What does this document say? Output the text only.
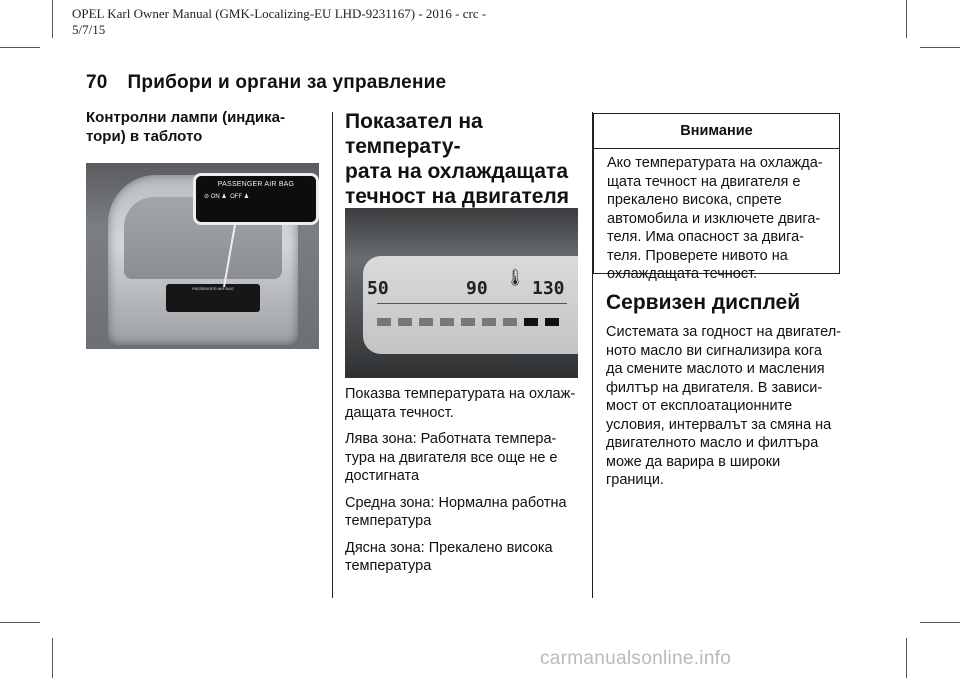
OPEL Karl Owner Manual (GMK-Localizing-EU LHD-9231167) - 2016 - crc -
5/7/15
70 Прибори и органи за управление

Контролни лампи (индика-
тори) в таблото

PASSENGER AIR BAG
PASSENGER AIR BAG
⊘ ON ♟ OFF ♟

Показател на температу-
рата на охлаждащата
течност на двигателя

50	90 130
🌡

Показва температурата на охлаж-
дащата течност.

Лява зона: Работната темпера-
тура на двигателя все още не е
достигната

Средна зона: Нормална работна
температура

Дясна зона: Прекалено висока
температура

Внимание
Ако температурата на охлажда-
щата течност на двигателя е
прекалено висока, спрете
автомобила и изключете двига-
теля. Има опасност за двига-
теля. Проверете нивото на
охлаждащата течност.

Сервизен дисплей

Системата за годност на двигател-
ното масло ви сигнализира кога
да смените маслото и масления
филтър на двигателя. В зависи-
мост от експлоатационните
условия, интервалът за смяна на
двигателното масло и филтъра
може да варира в широки
граници.

carmanualsonline.info
